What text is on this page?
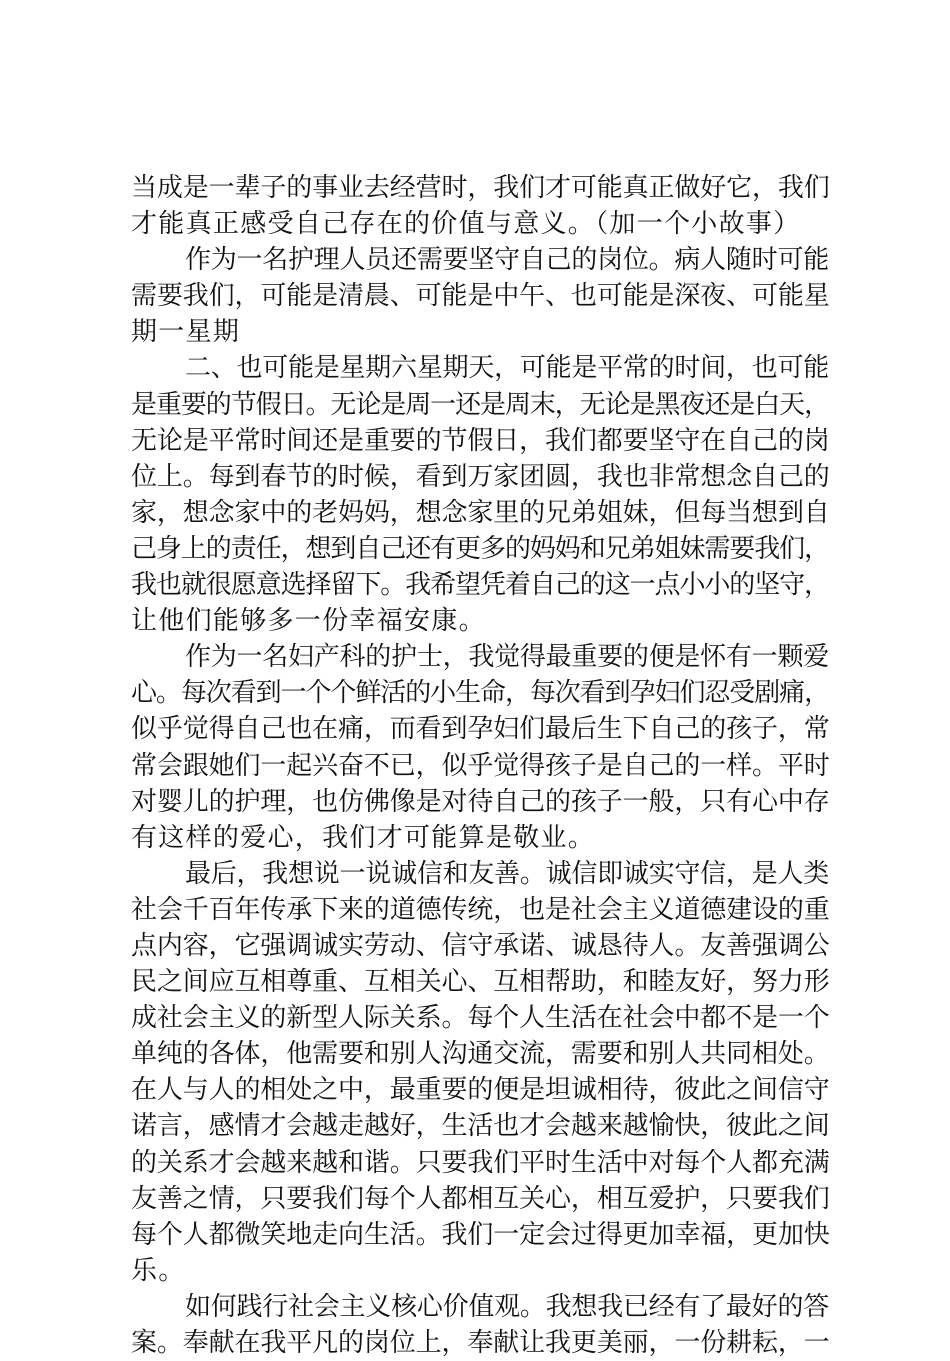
当成是一辈子的事业去经营时，我们才可能真正做好它，我们
才能真正感受自己存在的价值与意义。（加一个小故事）
作为一名护理人员还需要坚守自己的岗位。病人随时可能
需要我们，可能是清晨、可能是中午、也可能是深夜、可能星
期一星期
二、也可能是星期六星期天，可能是平常的时间，也可能
是重要的节假日。无论是周一还是周末，无论是黑夜还是白天，
无论是平常时间还是重要的节假日，我们都要坚守在自己的岗
位上。每到春节的时候，看到万家团圆，我也非常想念自己的
家，想念家中的老妈妈，想念家里的兄弟姐妹，但每当想到自
己身上的责任，想到自己还有更多的妈妈和兄弟姐妹需要我们，
我也就很愿意选择留下。我希望凭着自己的这一点小小的坚守，
让他们能够多一份幸福安康。
作为一名妇产科的护士，我觉得最重要的便是怀有一颗爱
心。每次看到一个个鲜活的小生命，每次看到孕妇们忍受剧痛，
似乎觉得自己也在痛，而看到孕妇们最后生下自己的孩子，常
常会跟她们一起兴奋不已，似乎觉得孩子是自己的一样。平时
对婴儿的护理，也仿佛像是对待自己的孩子一般，只有心中存
有这样的爱心，我们才可能算是敬业。
最后，我想说一说诚信和友善。诚信即诚实守信，是人类
社会千百年传承下来的道德传统，也是社会主义道德建设的重
点内容，它强调诚实劳动、信守承诺、诚恳待人。友善强调公
民之间应互相尊重、互相关心、互相帮助，和睦友好，努力形
成社会主义的新型人际关系。每个人生活在社会中都不是一个
单纯的各体，他需要和别人沟通交流，需要和别人共同相处。
在人与人的相处之中，最重要的便是坦诚相待，彼此之间信守
诺言，感情才会越走越好，生活也才会越来越愉快，彼此之间
的关系才会越来越和谐。只要我们平时生活中对每个人都充满
友善之情，只要我们每个人都相互关心，相互爱护，只要我们
每个人都微笑地走向生活。我们一定会过得更加幸福，更加快
乐。
如何践行社会主义核心价值观。我想我已经有了最好的答
案。奉献在我平凡的岗位上，奉献让我更美丽，一份耕耘，一
